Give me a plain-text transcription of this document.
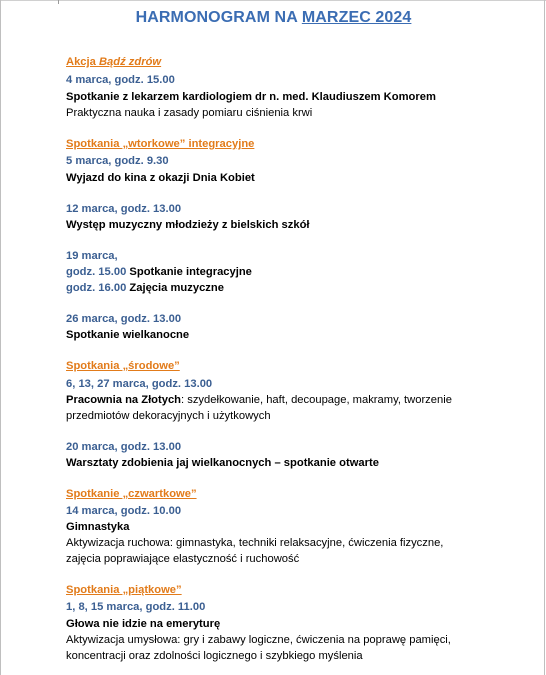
HARMONOGRAM NA MARZEC 2024
Akcja Bądź zdrów
4 marca, godz. 15.00
Spotkanie z lekarzem kardiologiem dr n. med. Klaudiuszem Komorem
Praktyczna nauka i zasady pomiaru ciśnienia krwi
Spotkania „wtorkowe” integracyjne
5 marca, godz. 9.30
Wyjazd do kina z okazji Dnia Kobiet
12 marca, godz. 13.00
Występ muzyczny młodzieży z bielskich szkół
19 marca,
godz. 15.00 Spotkanie integracyjne
godz. 16.00 Zajęcia muzyczne
26 marca, godz. 13.00
Spotkanie wielkanocne
Spotkania „środowe”
6, 13, 27 marca, godz. 13.00
Pracownia na Złotych: szydełkowanie, haft, decoupage, makramy, tworzenie
przedmiotów dekoracyjnych i użytkowych
20 marca, godz. 13.00
Warsztaty zdobienia jaj wielkanocnych – spotkanie otwarte
Spotkanie „czwartkowe”
14 marca, godz. 10.00
Gimnastyka
Aktywizacja ruchowa: gimnastyka, techniki relaksacyjne, ćwiczenia fizyczne,
zajęcia poprawiające elastyczność i ruchowość
Spotkania „piątkowe”
1, 8, 15 marca, godz. 11.00
Głowa nie idzie na emeryturę
Aktywizacja umysłowa: gry i zabawy logiczne, ćwiczenia na poprawę pamięci,
koncentracji oraz zdolności logicznego i szybkiego myślenia
